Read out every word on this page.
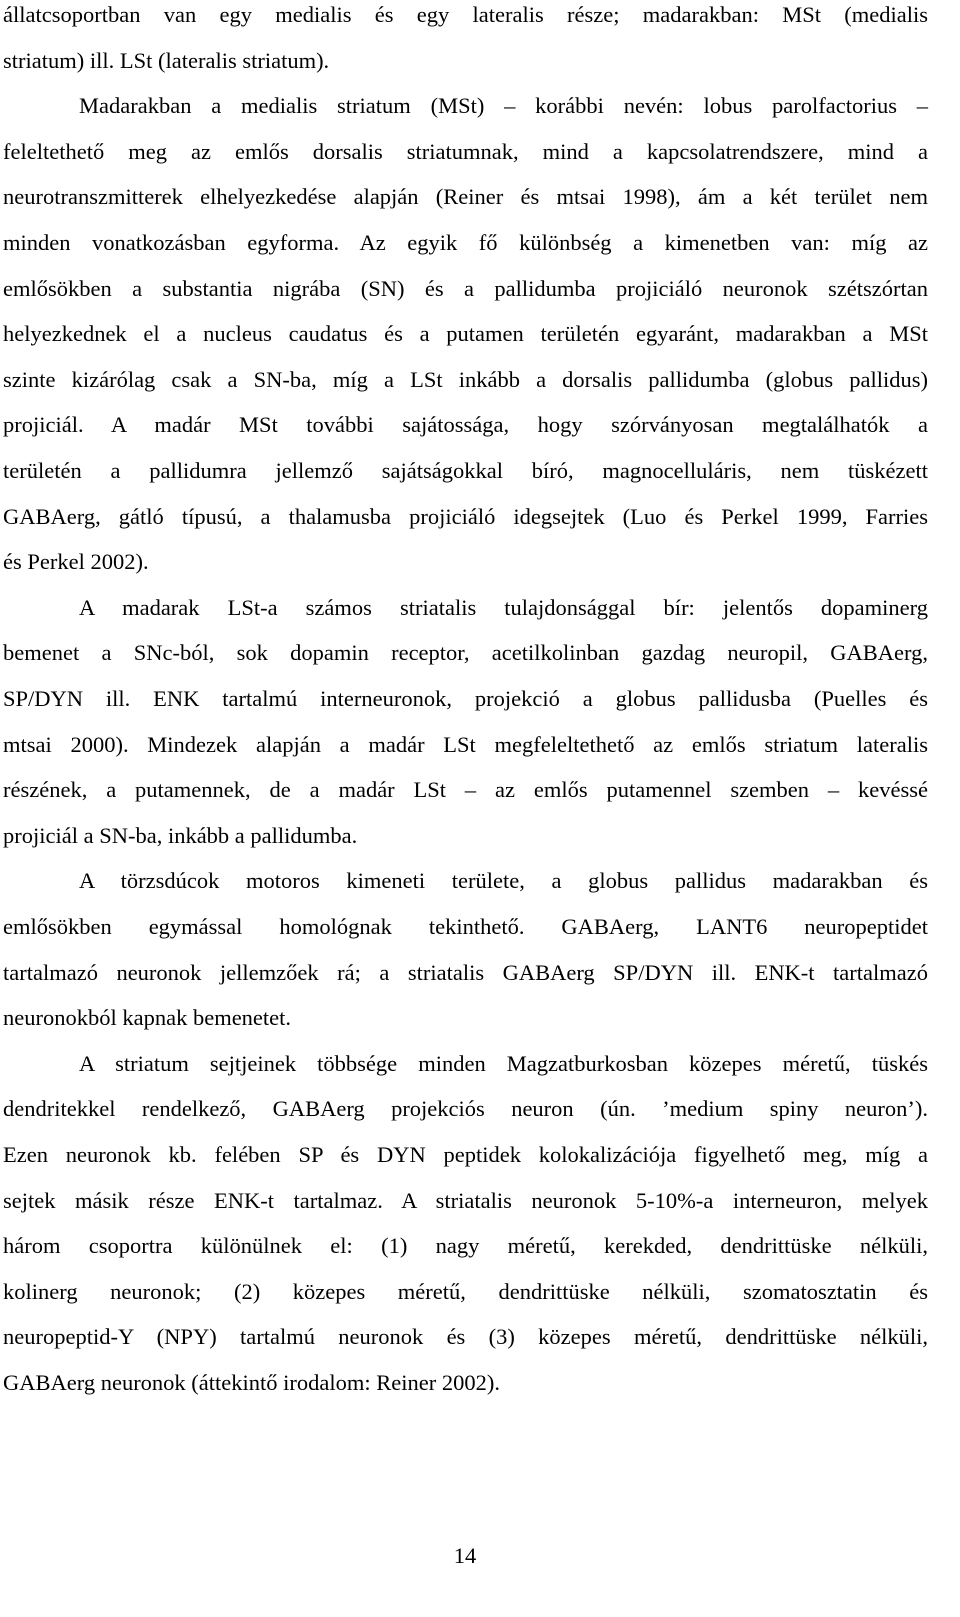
állatcsoportban van egy medialis és egy lateralis része; madarakban: MSt (medialis
striatum) ill. LSt (lateralis striatum).
Madarakban a medialis striatum (MSt) – korábbi nevén: lobus parolfactorius –
feleltethető meg az emlős dorsalis striatumnak, mind a kapcsolatrendszere, mind a
neurotranszmitterek elhelyezkedése alapján (Reiner és mtsai 1998), ám a két terület nem
minden vonatkozásban egyforma. Az egyik fő különbség a kimenetben van: míg az
emlősökben a substantia nigrába (SN) és a pallidumba projiciáló neuronok szétszórtan
helyezkednek el a nucleus caudatus és a putamen területén egyaránt, madarakban a MSt
szinte kizárólag csak a SN-ba, míg a LSt inkább a dorsalis pallidumba (globus pallidus)
projiciál. A madár MSt további sajátossága, hogy szórványosan megtalálhatók a
területén a pallidumra jellemző sajátságokkal bíró, magnocelluláris, nem tüskézett
GABAerg, gátló típusú, a thalamusba projiciáló idegsejtek (Luo és Perkel 1999, Farries
és Perkel 2002).
A madarak LSt-a számos striatalis tulajdonsággal bír: jelentős dopaminerg
bemenet a SNc-ból, sok dopamin receptor, acetilkolinban gazdag neuropil, GABAerg,
SP/DYN ill. ENK tartalmú interneuronok, projekció a globus pallidusba (Puelles és
mtsai 2000). Mindezek alapján a madár LSt megfeleltethető az emlős striatum lateralis
részének, a putamennek, de a madár LSt – az emlős putamennel szemben – kevéssé
projiciál a SN-ba, inkább a pallidumba.
A törzsdúcok motoros kimeneti területe, a globus pallidus madarakban és
emlősökben egymással homológnak tekinthető. GABAerg, LANT6 neuropeptidet
tartalmazó neuronok jellemzőek rá; a striatalis GABAerg SP/DYN ill. ENK-t tartalmazó
neuronokból kapnak bemenetet.
A striatum sejtjeinek többsége minden Magzatburkosban közepes méretű, tüskés
dendritekkel rendelkező, GABAerg projekciós neuron (ún. ’medium spiny neuron’).
Ezen neuronok kb. felében SP és DYN peptidek kolokalizációja figyelhető meg, míg a
sejtek másik része ENK-t tartalmaz. A striatalis neuronok 5-10%-a interneuron, melyek
három csoportra különülnek el: (1) nagy méretű, kerekded, dendrittüske nélküli,
kolinerg neuronok; (2) közepes méretű, dendrittüske nélküli, szomatosztatin és
neuropeptid-Y (NPY) tartalmú neuronok és (3) közepes méretű, dendrittüske nélküli,
GABAerg neuronok (áttekintő irodalom: Reiner 2002).
14
